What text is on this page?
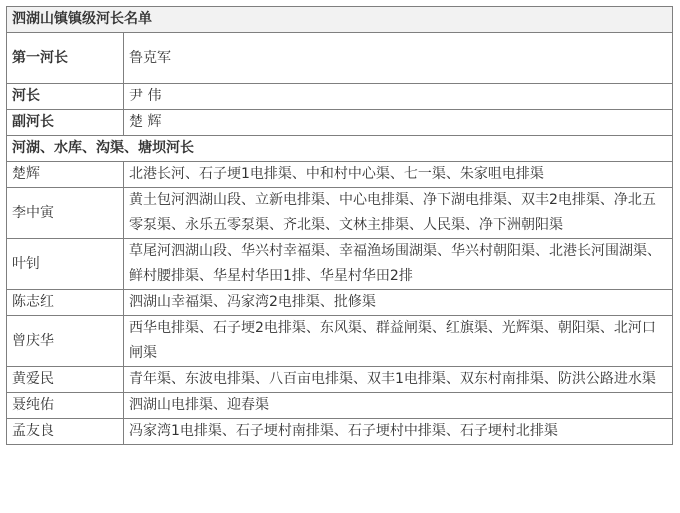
泗湖山镇镇级河长名单	
第一河长	鲁克军
河长	尹 伟
副河长	楚 辉
河湖、水库、沟渠、塘坝河长	
楚辉	北港长河、石子埂1电排渠、中和村中心渠、七一渠、朱家咀电排渠
李中寅	黄土包河泗湖山段、立新电排渠、中心电排渠、净下湖电排渠、双丰2电排渠、净北五零泵渠、永乐五零泵渠、齐北渠、文林主排渠、人民渠、净下洲朝阳渠
叶钊	草尾河泗湖山段、华兴村幸福渠、幸福渔场围湖渠、华兴村朝阳渠、北港长河围湖渠、鲜村腰排渠、华星村华田1排、华星村华田2排
陈志红	泗湖山幸福渠、冯家湾2电排渠、批修渠
曾庆华	西华电排渠、石子埂2电排渠、东风渠、群益闸渠、红旗渠、光辉渠、朝阳渠、北河口闸渠
黄爱民	青年渠、东波电排渠、八百亩电排渠、双丰1电排渠、双东村南排渠、防洪公路进水渠
聂纯佑	泗湖山电排渠、迎春渠
孟友良	冯家湾1电排渠、石子埂村南排渠、石子埂村中排渠、石子埂村北排渠
